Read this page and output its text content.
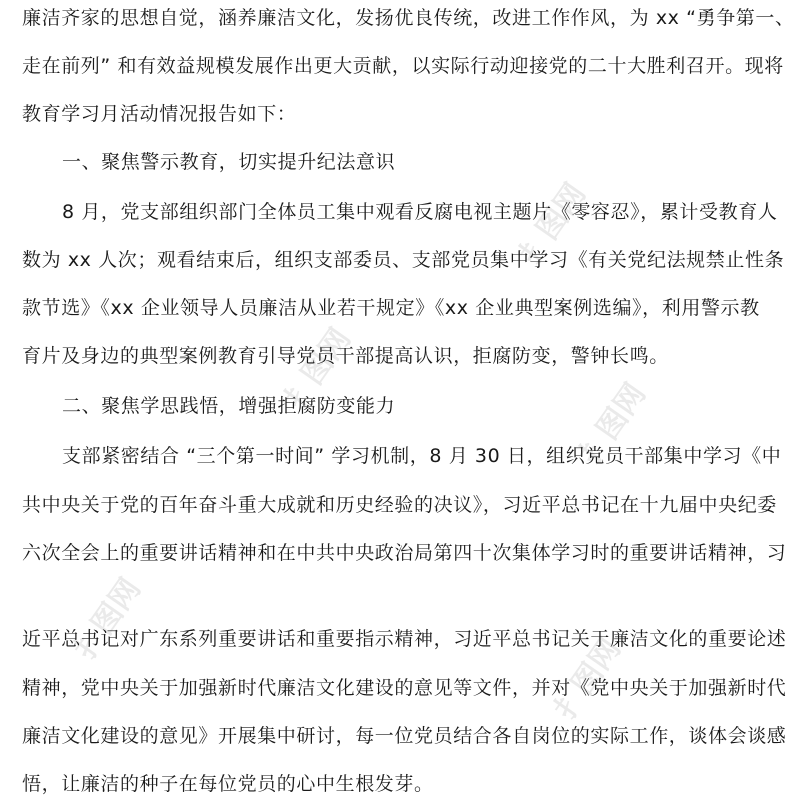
扌图网
扌图网
扌图网
扌图网
扌图网
廉洁齐家的思想自觉，涵养廉洁文化，发扬优良传统，改进工作作风，为 xx “勇争第一、
走在前列” 和有效益规模发展作出更大贡献，以实际行动迎接党的二十大胜利召开。现将
教育学习月活动情况报告如下：
一、聚焦警示教育，切实提升纪法意识
8 月，党支部组织部门全体员工集中观看反腐电视主题片《零容忍》，累计受教育人
数为 xx 人次；观看结束后，组织支部委员、支部党员集中学习《有关党纪法规禁止性条
款节选》《xx 企业领导人员廉洁从业若干规定》《xx 企业典型案例选编》，利用警示教
育片及身边的典型案例教育引导党员干部提高认识，拒腐防变，警钟长鸣。
二、聚焦学思践悟，增强拒腐防变能力
支部紧密结合 “三个第一时间” 学习机制，8 月 30 日，组织党员干部集中学习《中
共中央关于党的百年奋斗重大成就和历史经验的决议》，习近平总书记在十九届中央纪委
六次全会上的重要讲话精神和在中共中央政治局第四十次集体学习时的重要讲话精神，习
近平总书记对广东系列重要讲话和重要指示精神，习近平总书记关于廉洁文化的重要论述
精神，党中央关于加强新时代廉洁文化建设的意见等文件，并对《党中央关于加强新时代
廉洁文化建设的意见》开展集中研讨，每一位党员结合各自岗位的实际工作，谈体会谈感
悟，让廉洁的种子在每位党员的心中生根发芽。
